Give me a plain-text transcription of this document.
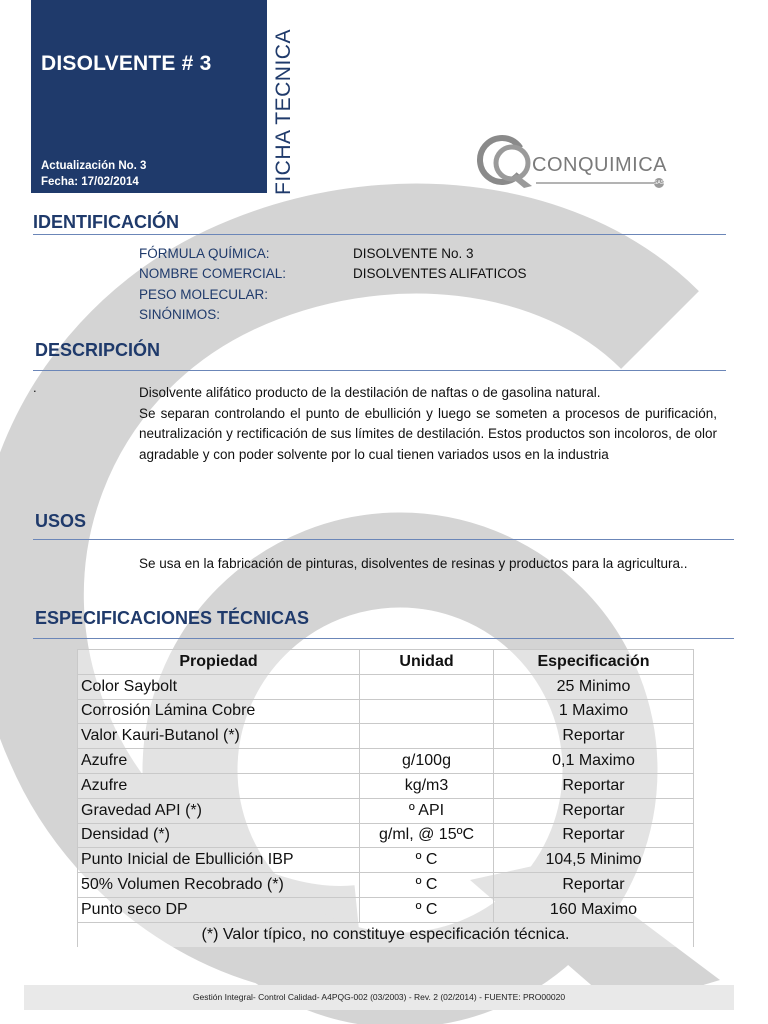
DISOLVENTE # 3
Actualización No. 3
Fecha: 17/02/2014	FICHA TECNICA	CONQUIMICA
SAS
IDENTIFICACIÓN
FÓRMULA QUÍMICA:	DISOLVENTE No. 3
NOMBRE COMERCIAL:	DISOLVENTES ALIFATICOS
PESO MOLECULAR:
SINÓNIMOS:
DESCRIPCIÓN
.	Disolvente alifático producto de la destilación de naftas o de gasolina natural.
Se separan controlando el punto de ebullición y luego se someten a procesos de purificación, neutralización y rectificación de sus límites de destilación. Estos productos son incoloros, de olor agradable y con poder solvente por lo cual tienen variados usos en la industria
USOS
Se usa en la fabricación de pinturas, disolventes de resinas y productos para la agricultura..
ESPECIFICACIONES TÉCNICAS
Propiedad	Unidad	Especificación
Color Saybolt		25 Minimo
Corrosión Lámina Cobre		1 Maximo
Valor Kauri-Butanol (*)		Reportar
Azufre	g/100g	0,1 Maximo
Azufre	kg/m3	Reportar
Gravedad API (*)	º API	Reportar
Densidad (*)	g/ml, @ 15ºC	Reportar
Punto Inicial de Ebullición IBP	º C	104,5 Minimo
50% Volumen Recobrado (*)	º C	Reportar
Punto seco DP	º C	160 Maximo
(*) Valor típico, no constituye especificación técnica.		
Gestión Integral- Control Calidad- A4PQG-002 (03/2003) - Rev. 2 (02/2014) - FUENTE: PRO00020
